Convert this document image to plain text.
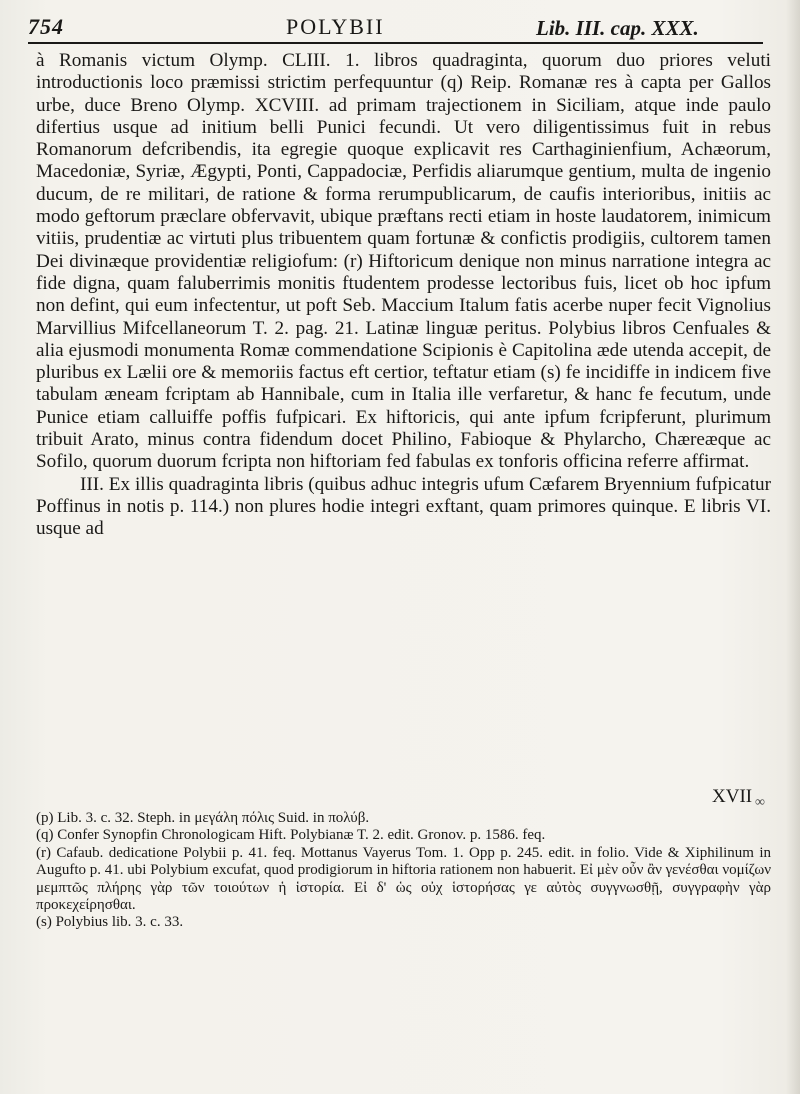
754	POLYBII	Lib. III. cap. XXX.

à Romanis victum Olymp. CLIII. 1. libros quadraginta, quorum duo priores veluti introductionis loco præmissi strictim perfequuntur (q) Reip. Romanæ res à capta per Gallos urbe, duce Breno Olymp. XCVIII. ad primam trajectionem in Siciliam, atque inde paulo difertius usque ad initium belli Punici fecundi. Ut vero diligentissimus fuit in rebus Romanorum defcribendis, ita egregie quoque explicavit res Carthaginienfium, Achæorum, Macedoniæ, Syriæ, Ægypti, Ponti, Cappadociæ, Perfidis aliarumque gentium, multa de ingenio ducum, de re militari, de ratione & forma rerumpublicarum, de caufis interioribus, initiis ac modo geftorum præclare obfervavit, ubique præftans recti etiam in hoste laudatorem, inimicum vitiis, prudentiæ ac virtuti plus tribuentem quam fortunæ & confictis prodigiis, cultorem tamen Dei divinæque providentiæ religiofum: (r) Hiftoricum denique non minus narratione integra ac fide digna, quam faluberrimis monitis ftudentem prodesse lectoribus fuis, licet ob hoc ipfum non defint, qui eum infectentur, ut poft Seb. Maccium Italum fatis acerbe nuper fecit Vignolius Marvillius Mifcellaneorum T. 2. pag. 21. Latinæ linguæ peritus. Polybius libros Cenfuales & alia ejusmodi monumenta Romæ commendatione Scipionis è Capitolina æde utenda accepit, de pluribus ex Lælii ore & memoriis factus eft certior, teftatur etiam (s) fe incidiffe in indicem five tabulam æneam fcriptam ab Hannibale, cum in Italia ille verfaretur, & hanc fe fecutum, unde Punice etiam calluiffe poffis fufpicari. Ex hiftoricis, qui ante ipfum fcripferunt, plurimum tribuit Arato, minus contra fidendum docet Philino, Fabioque & Phylarcho, Chæreæque ac Sofilo, quorum duorum fcripta non hiftoriam fed fabulas ex tonforis officina referre affirmat.

III. Ex illis quadraginta libris (quibus adhuc integris ufum Cæfarem Bryennium fufpicatur Poffinus in notis p. 114.) non plures hodie integri exftant, quam primores quinque. E libris VI. usque ad

XVII ∞

(p) Lib. 3. c. 32. Steph. in μεγάλη πόλις Suid. in πολύβ.

(q) Confer Synopfin Chronologicam Hift. Polybianæ T. 2. edit. Gronov. p. 1586. feq.

(r) Cafaub. dedicatione Polybii p. 41. feq. Mottanus Vayerus Tom. 1. Opp p. 245. edit. in folio. Vide & Xiphilinum in Augufto p. 41. ubi Polybium excufat, quod prodigiorum in hiftoria rationem non habuerit. Εἰ μὲν οὖν ἂν γενέσθαι νομίζων μεμπτῶς πλήρης γὰρ τῶν τοιούτων ἡ ἱστορία. Εἰ δ' ὡς οὐχ ἱστορήσας γε αὐτὸς συγγνωσθῇ, συγγραφὴν γὰρ προκεχείρησθαι.

(s) Polybius lib. 3. c. 33.
